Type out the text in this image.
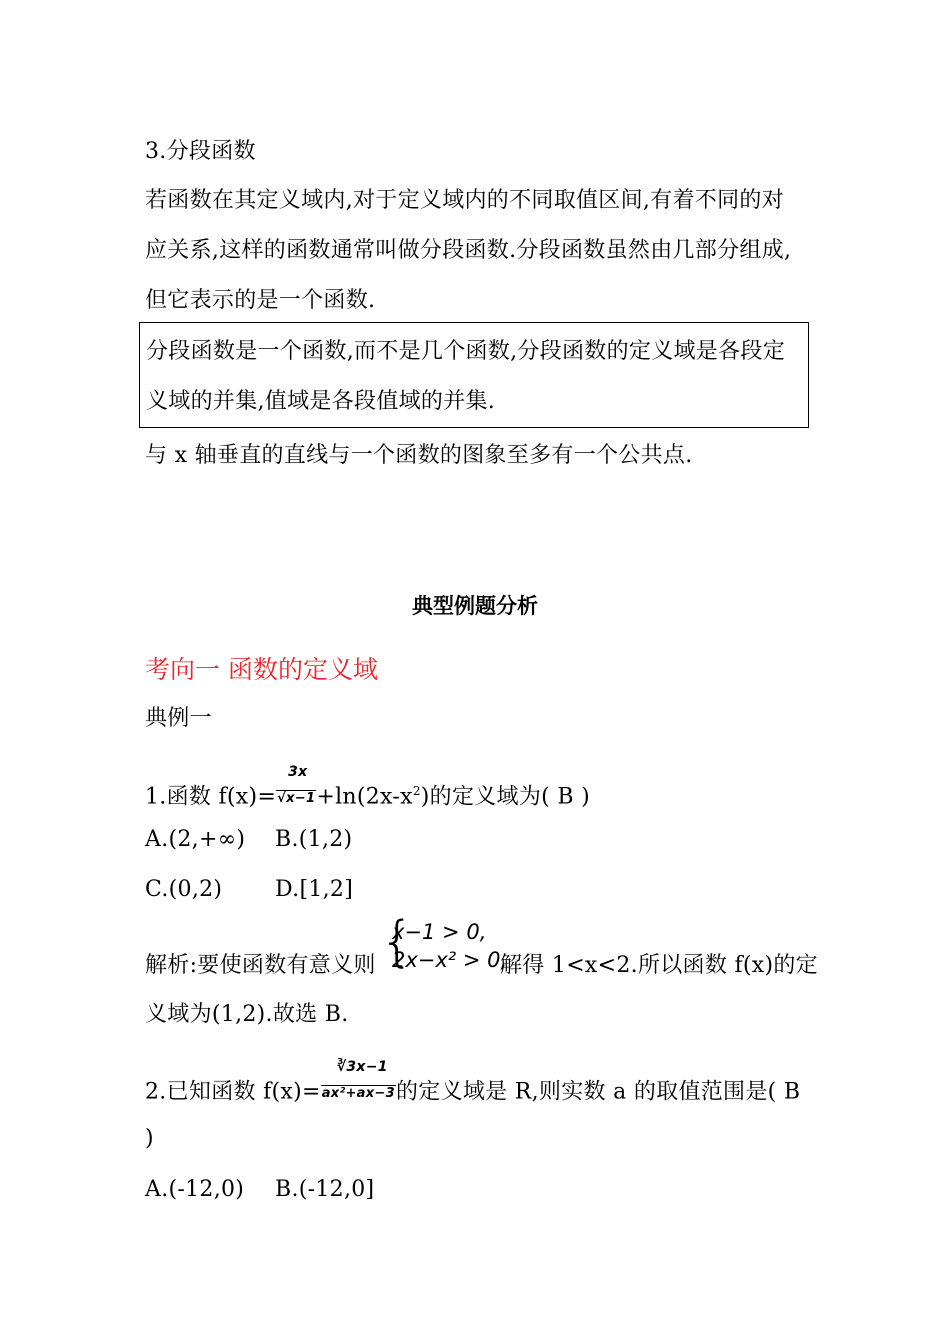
3.分段函数
若函数在其定义域内,对于定义域内的不同取值区间,有着不同的对
应关系,这样的函数通常叫做分段函数.分段函数虽然由几部分组成,
但它表示的是一个函数.
分段函数是一个函数,而不是几个函数,分段函数的定义域是各段定
义域的并集,值域是各段值域的并集.
与 x 轴垂直的直线与一个函数的图象至多有一个公共点.
典型例题分析
考向一 函数的定义域
典例一
1.函数 $f(x)= \frac{3x}{√x-1}+\ln(2x-x^2)$的定义域为( B )
A.(2,+∞) B.(1,2)
C.(0,2) D.[1,2]
{
x−1 > 0,
2x−x² > 0,
解析:要使函数有意义则	解得 1<x<2.所以函数 f(x)的定
义域为(1,2).故选 B.
2.已知函数 $f(x)= \frac{∛3x-1}{\text{ax²+ax−3}}$的定义域是 R,则实数 a 的取值范围是( B
)
A.(-12,0) B.(-12,0]
